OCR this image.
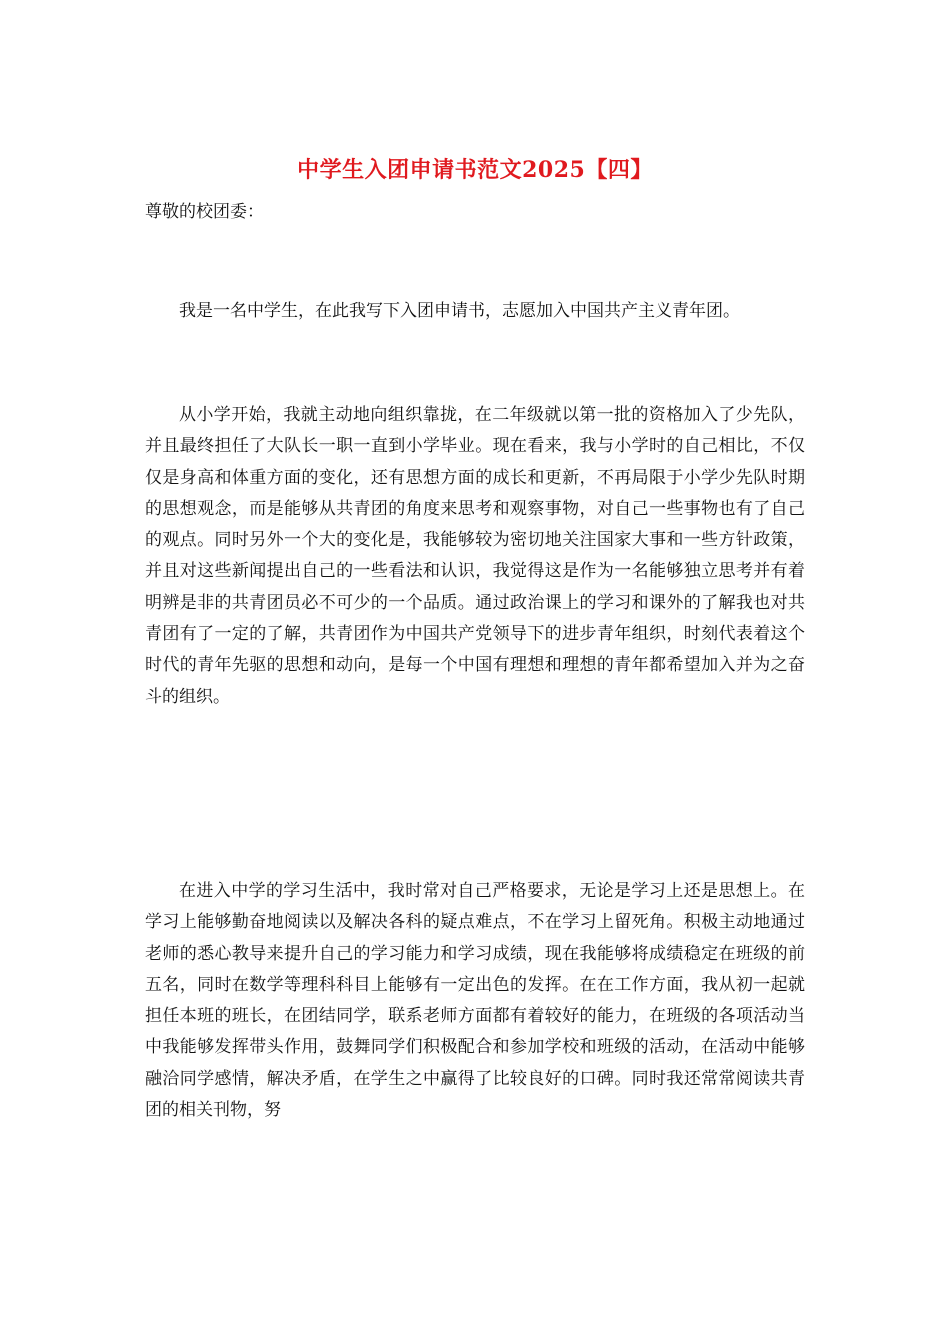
中学生入团申请书范文2025【四】
尊敬的校团委：

我是一名中学生，在此我写下入团申请书，志愿加入中国共产主义青年团。

从小学开始，我就主动地向组织靠拢，在二年级就以第一批的资格加入了少先队，并且最终担任了大队长一职一直到小学毕业。现在看来，我与小学时的自己相比，不仅仅是身高和体重方面的变化，还有思想方面的成长和更新，不再局限于小学少先队时期的思想观念，而是能够从共青团的角度来思考和观察事物，对自己一些事物也有了自己的观点。同时另外一个大的变化是，我能够较为密切地关注国家大事和一些方针政策，并且对这些新闻提出自己的一些看法和认识，我觉得这是作为一名能够独立思考并有着明辨是非的共青团员必不可少的一个品质。通过政治课上的学习和课外的了解我也对共青团有了一定的了解，共青团作为中国共产党领导下的进步青年组织，时刻代表着这个时代的青年先驱的思想和动向，是每一个中国有理想和理想的青年都希望加入并为之奋斗的组织。

在进入中学的学习生活中，我时常对自己严格要求，无论是学习上还是思想上。在学习上能够勤奋地阅读以及解决各科的疑点难点，不在学习上留死角。积极主动地通过老师的悉心教导来提升自己的学习能力和学习成绩，现在我能够将成绩稳定在班级的前五名，同时在数学等理科科目上能够有一定出色的发挥。在在工作方面，我从初一起就担任本班的班长，在团结同学，联系老师方面都有着较好的能力，在班级的各项活动当中我能够发挥带头作用，鼓舞同学们积极配合和参加学校和班级的活动，在活动中能够融洽同学感情，解决矛盾，在学生之中赢得了比较良好的口碑。同时我还常常阅读共青团的相关刊物，努
